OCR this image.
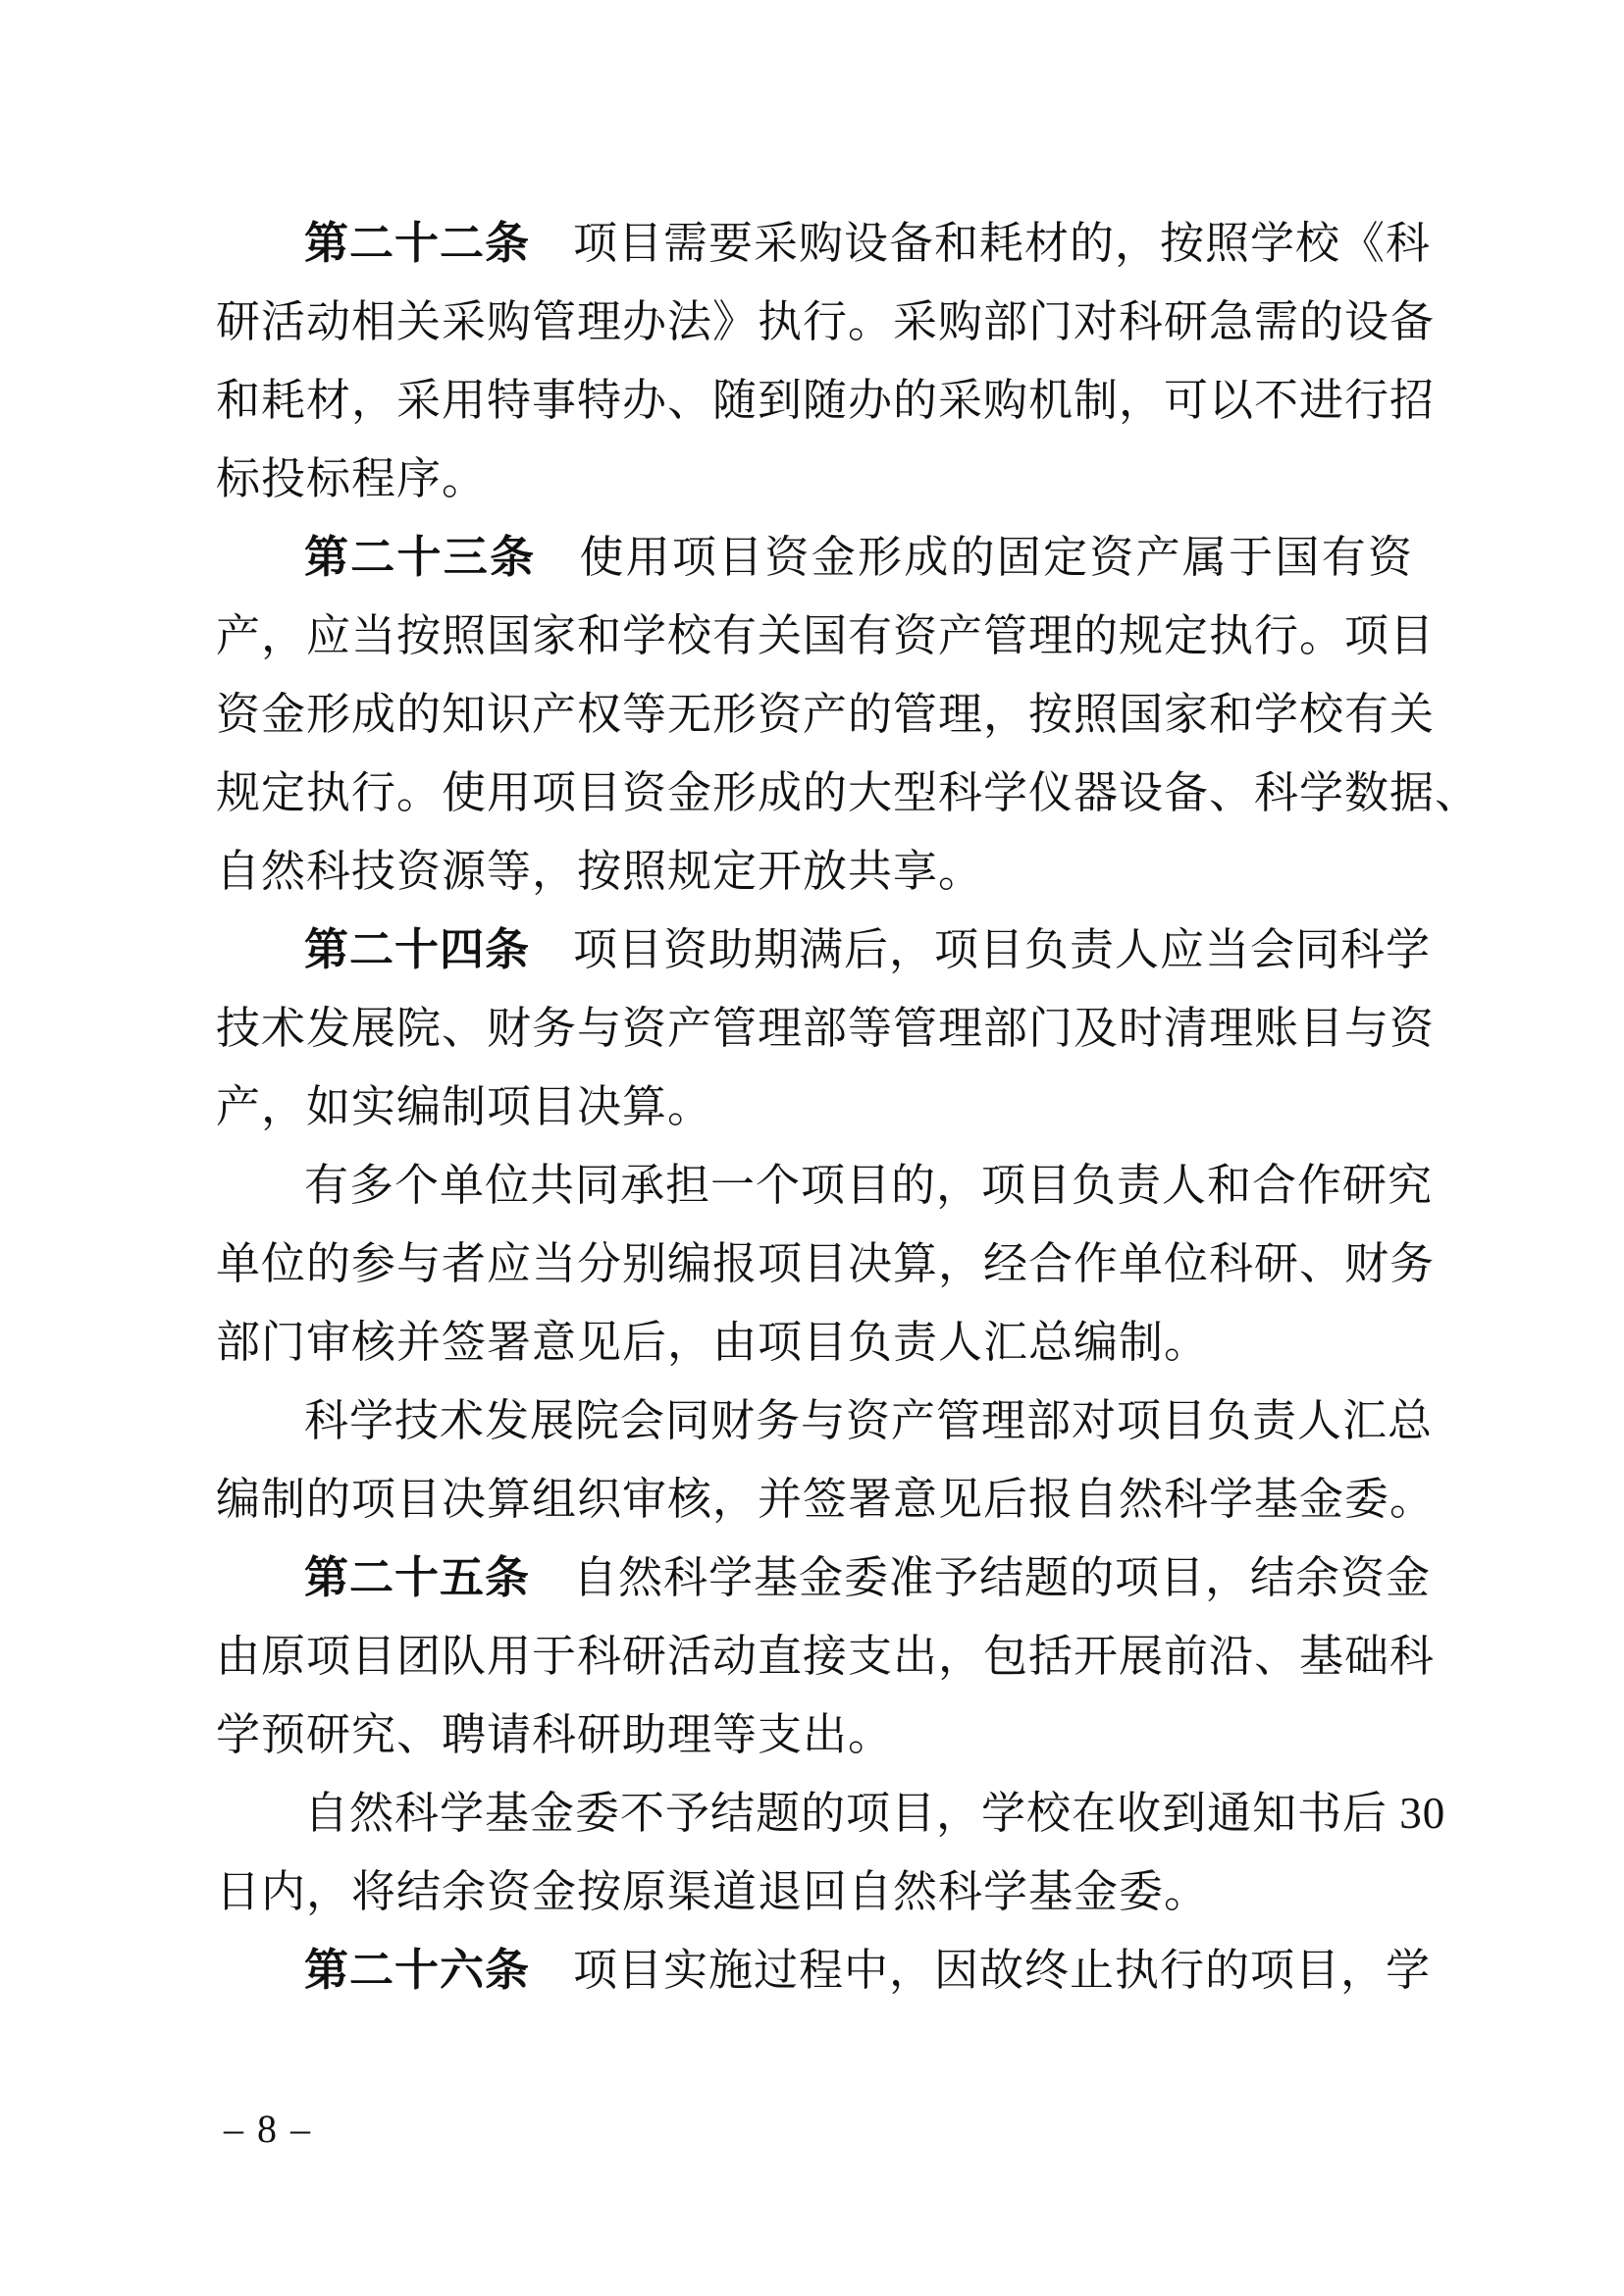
第二十二条 项目需要采购设备和耗材的，按照学校《科
研活动相关采购管理办法》执行。采购部门对科研急需的设备
和耗材，采用特事特办、随到随办的采购机制，可以不进行招
标投标程序。
第二十三条 使用项目资金形成的固定资产属于国有资
产，应当按照国家和学校有关国有资产管理的规定执行。项目
资金形成的知识产权等无形资产的管理，按照国家和学校有关
规定执行。使用项目资金形成的大型科学仪器设备、科学数据、
自然科技资源等，按照规定开放共享。
第二十四条 项目资助期满后，项目负责人应当会同科学
技术发展院、财务与资产管理部等管理部门及时清理账目与资
产，如实编制项目决算。
有多个单位共同承担一个项目的，项目负责人和合作研究
单位的参与者应当分别编报项目决算，经合作单位科研、财务
部门审核并签署意见后，由项目负责人汇总编制。
科学技术发展院会同财务与资产管理部对项目负责人汇总
编制的项目决算组织审核，并签署意见后报自然科学基金委。
第二十五条 自然科学基金委准予结题的项目，结余资金
由原项目团队用于科研活动直接支出，包括开展前沿、基础科
学预研究、聘请科研助理等支出。
自然科学基金委不予结题的项目，学校在收到通知书后 30
日内，将结余资金按原渠道退回自然科学基金委。
第二十六条 项目实施过程中，因故终止执行的项目，学
– 8 –
